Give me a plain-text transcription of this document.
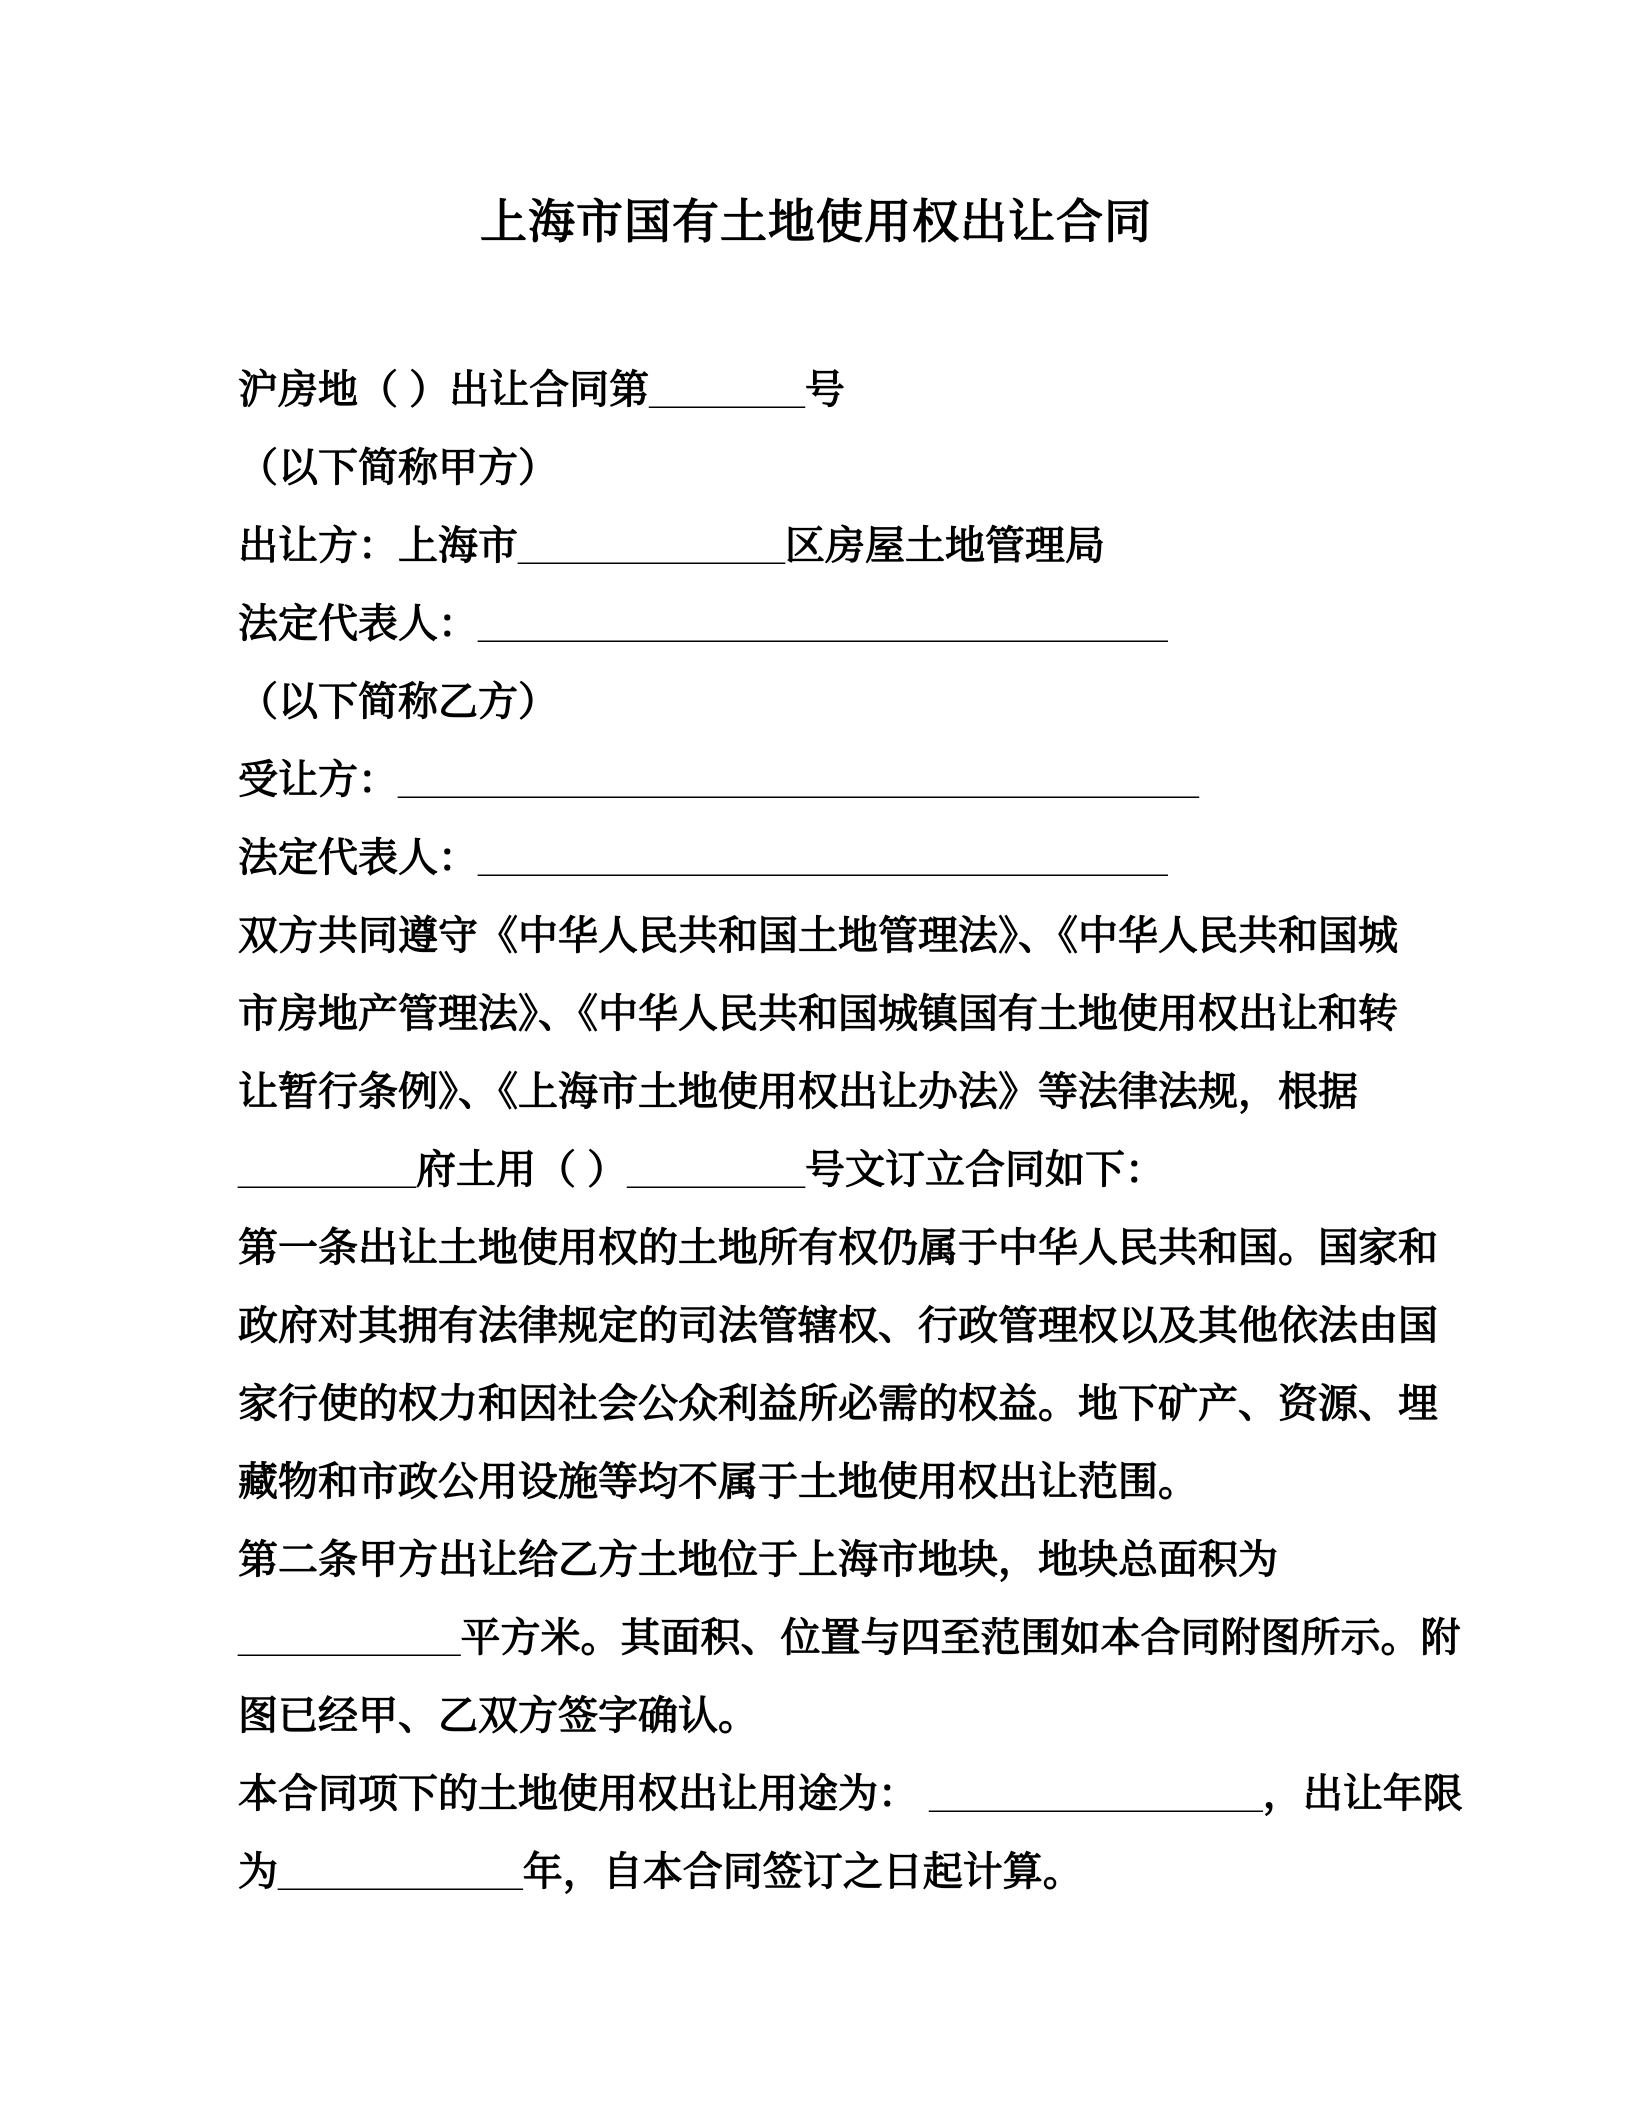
上海市国有土地使用权出让合同
沪房地（ ）出让合同第_______号
（以下简称甲方）
出让方：上海市____________区房屋土地管理局
法定代表人：_______________________________
（以下简称乙方）
受让方：____________________________________
法定代表人：_______________________________
双方共同遵守《中华人民共和国土地管理法》、《中华人民共和国城
市房地产管理法》、《中华人民共和国城镇国有土地使用权出让和转
让暂行条例》、《上海市土地使用权出让办法》等法律法规，根据
________府土用（ ）________号文订立合同如下：
第一条出让土地使用权的土地所有权仍属于中华人民共和国。国家和
政府对其拥有法律规定的司法管辖权、行政管理权以及其他依法由国
家行使的权力和因社会公众利益所必需的权益。地下矿产、资源、埋
藏物和市政公用设施等均不属于土地使用权出让范围。
第二条甲方出让给乙方土地位于上海市地块，地块总面积为
__________平方米。其面积、位置与四至范围如本合同附图所示。附
图已经甲、乙双方签字确认。
本合同项下的土地使用权出让用途为： _______________，出让年限
为___________年，自本合同签订之日起计算。
